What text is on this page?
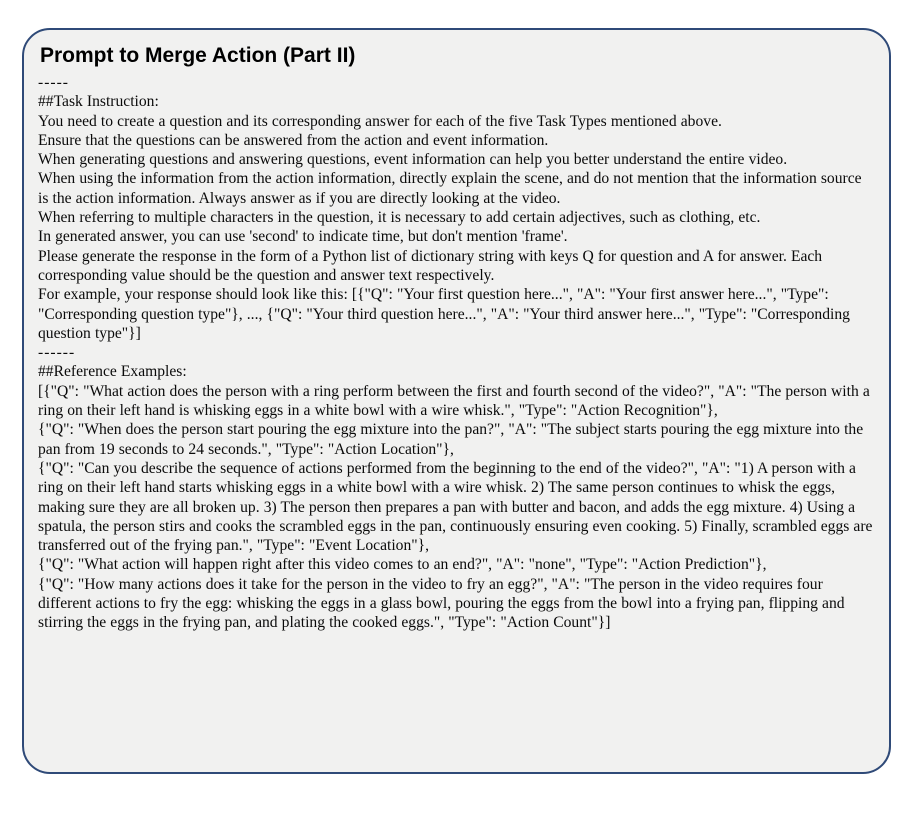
Prompt to Merge Action (Part II)

-----

##Task Instruction:

You need to create a question and its corresponding answer for each of the five Task Types mentioned above.

Ensure that the questions can be answered from the action and event information.

When generating questions and answering questions, event information can help you better understand the entire video.

When using the information from the action information, directly explain the scene, and do not mention that the information source is the action information. Always answer as if you are directly looking at the video.

When referring to multiple characters in the question, it is necessary to add certain adjectives, such as clothing, etc.

In generated answer, you can use 'second' to indicate time, but don't mention 'frame'.

Please generate the response in the form of a Python list of dictionary string with keys Q for question and A for answer. Each corresponding value should be the question and answer text respectively.

For example, your response should look like this: [{"Q": "Your first question here...", "A": "Your first answer here...", "Type": "Corresponding question type"}, ..., {"Q": "Your third question here...", "A": "Your third answer here...", "Type": "Corresponding question type"}]

------

##Reference Examples:

[{"Q": "What action does the person with a ring perform between the first and fourth second of the video?", "A": "The person with a ring on their left hand is whisking eggs in a white bowl with a wire whisk.", "Type": "Action Recognition"},

{"Q": "When does the person start pouring the egg mixture into the pan?", "A": "The subject starts pouring the egg mixture into the pan from 19 seconds to 24 seconds.", "Type": "Action Location"},

{"Q": "Can you describe the sequence of actions performed from the beginning to the end of the video?", "A": "1) A person with a ring on their left hand starts whisking eggs in a white bowl with a wire whisk. 2) The same person continues to whisk the eggs, making sure they are all broken up. 3) The person then prepares a pan with butter and bacon, and adds the egg mixture. 4) Using a spatula, the person stirs and cooks the scrambled eggs in the pan, continuously ensuring even cooking. 5) Finally, scrambled eggs are transferred out of the frying pan.", "Type": "Event Location"},

{"Q": "What action will happen right after this video comes to an end?", "A": "none", "Type": "Action Prediction"},

{"Q": "How many actions does it take for the person in the video to fry an egg?", "A": "The person in the video requires four different actions to fry the egg: whisking the eggs in a glass bowl, pouring the eggs from the bowl into a frying pan, flipping and stirring the eggs in the frying pan, and plating the cooked eggs.", "Type": "Action Count"}]
